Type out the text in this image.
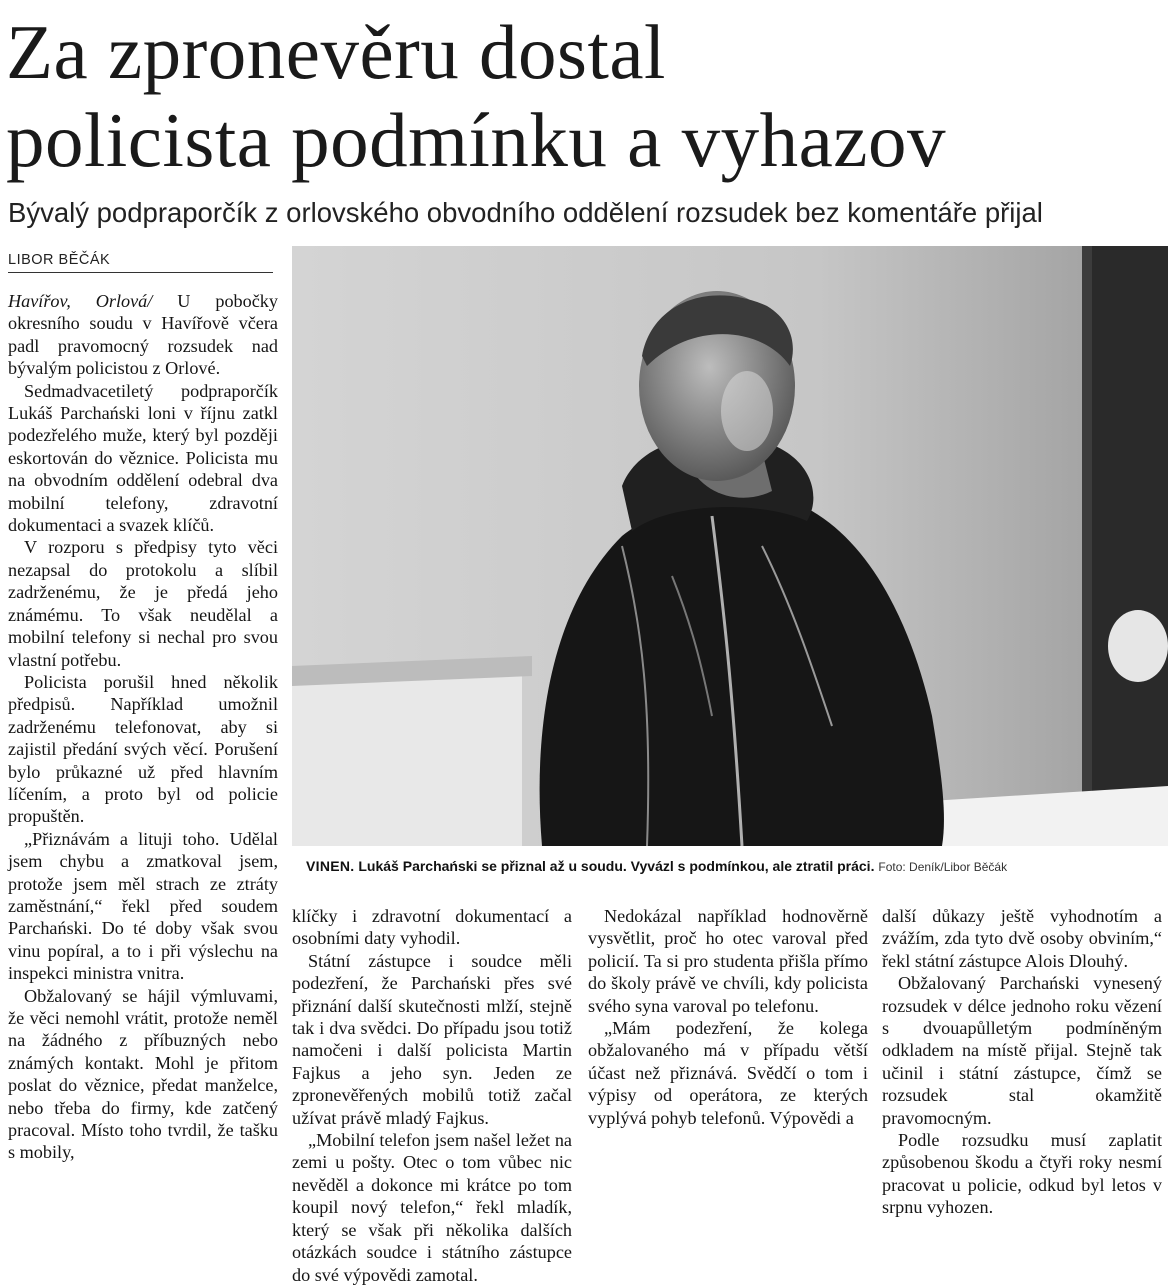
Za zpronevěru dostal
policista podmínku a vyhazov
Bývalý podpraporčík z orlovského obvodního oddělení rozsudek bez komentáře přijal
LIBOR BĚČÁK

Havířov, Orlová/ U pobočky okresního soudu v Havířově včera padl pravomocný rozsudek nad bývalým policistou z Orlové.

Sedmadvacetiletý podpraporčík Lukáš Parchański loni v říjnu zatkl podezřelého muže, který byl později eskortován do věznice. Policista mu na obvodním oddělení odebral dva mobilní telefony, zdravotní dokumentaci a svazek klíčů.

V rozporu s předpisy tyto věci nezapsal do protokolu a slíbil zadrženému, že je předá jeho známému. To však neudělal a mobilní telefony si nechal pro svou vlastní potřebu.

Policista porušil hned několik předpisů. Například umožnil zadrženému telefonovat, aby si zajistil předání svých věcí. Porušení bylo průkazné už před hlavním líčením, a proto byl od policie propuštěn.

„Přiznávám a lituji toho. Udělal jsem chybu a zmatkoval jsem, protože jsem měl strach ze ztráty zaměstnání,“ řekl před soudem Parchański. Do té doby však svou vinu popíral, a to i při výslechu na inspekci ministra vnitra.

Obžalovaný se hájil výmluvami, že věci nemohl vrátit, protože neměl na žádného z příbuzných nebo známých kontakt. Mohl je přitom poslat do věznice, předat manželce, nebo třeba do firmy, kde zatčený pracoval. Místo toho tvrdil, že tašku s mobily,

VINEN. Lukáš Parchański se přiznal až u soudu. Vyvázl s podmínkou, ale ztratil práci. Foto: Deník/Libor Běčák

klíčky i zdravotní dokumentací a osobními daty vyhodil.

Státní zástupce i soudce měli podezření, že Parchański přes své přiznání další skutečnosti mlží, stejně tak i dva svědci. Do případu jsou totiž namočeni i další policista Martin Fajkus a jeho syn. Jeden ze zpronevěřených mobilů totiž začal užívat právě mladý Fajkus.

„Mobilní telefon jsem našel ležet na zemi u pošty. Otec o tom vůbec nic nevěděl a dokonce mi krátce po tom koupil nový telefon,“ řekl mladík, který se však při několika dalších otázkách soudce i státního zástupce do své výpovědi zamotal.

Nedokázal například hodnověrně vysvětlit, proč ho otec varoval před policií. Ta si pro studenta přišla přímo do školy právě ve chvíli, kdy policista svého syna varoval po telefonu.

„Mám podezření, že kolega obžalovaného má v případu větší účast než přiznává. Svědčí o tom i výpisy od operátora, ze kterých vyplývá pohyb telefonů. Výpovědi a

další důkazy ještě vyhodnotím a zvážím, zda tyto dvě osoby obviním,“ řekl státní zástupce Alois Dlouhý.

Obžalovaný Parchański vynesený rozsudek v délce jednoho roku vězení s dvouapůlletým podmíněným odkladem na místě přijal. Stejně tak učinil i státní zástupce, čímž se rozsudek stal okamžitě pravomocným.

Podle rozsudku musí zaplatit způsobenou škodu a čtyři roky nesmí pracovat u policie, odkud byl letos v srpnu vyhozen.
